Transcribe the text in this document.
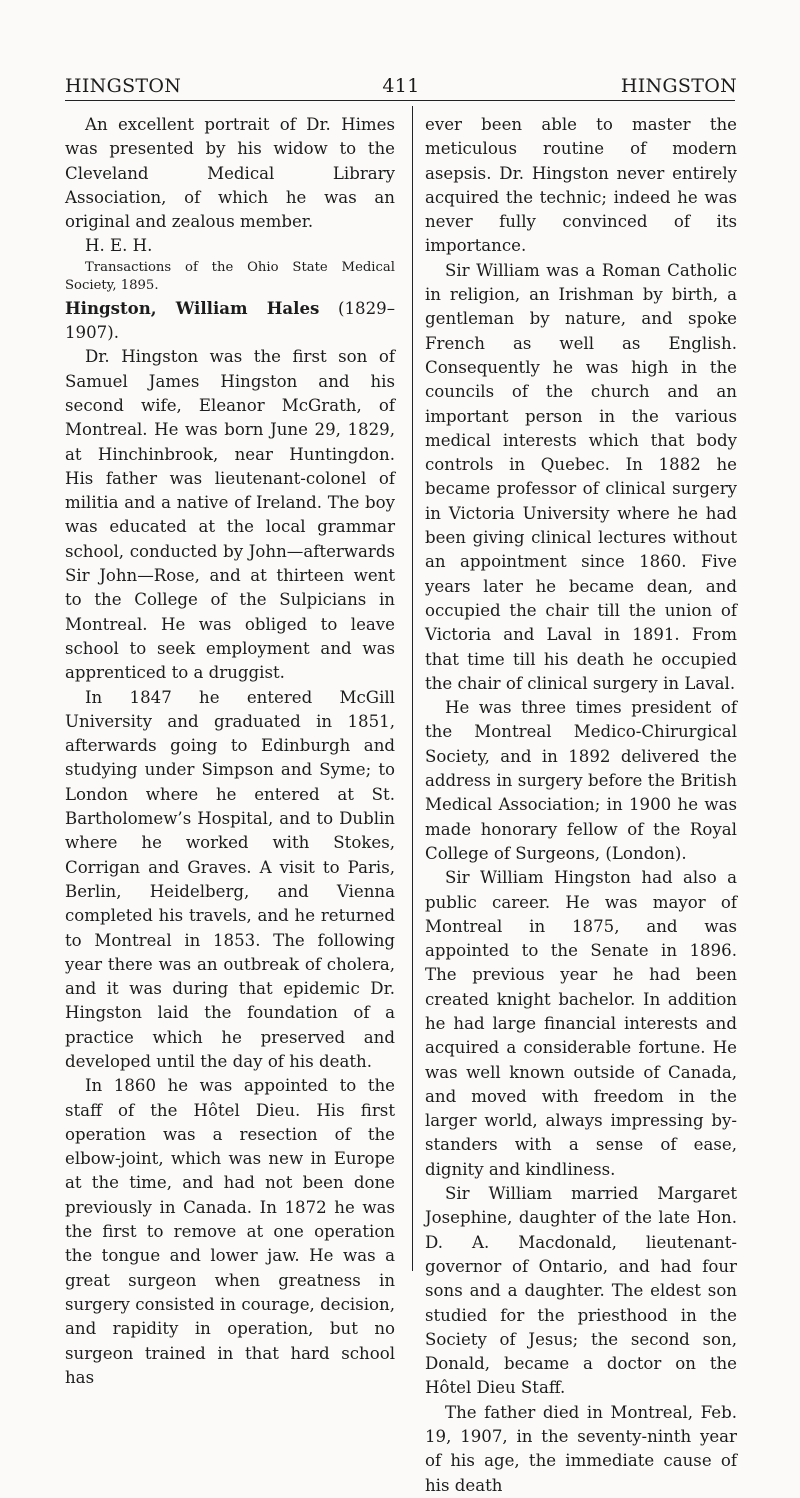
HINGSTON	411	HINGSTON

An excellent portrait of Dr. Himes was presented by his widow to the Cleveland Medical Library Association, of which he was an original and zealous member.

H. E. H.

Transactions of the Ohio State Medical Society, 1895.

Hingston, William Hales (1829–1907).

Dr. Hingston was the first son of Samuel James Hingston and his second wife, Eleanor McGrath, of Montreal. He was born June 29, 1829, at Hinchinbrook, near Huntingdon. His father was lieutenant-colonel of militia and a native of Ireland. The boy was educated at the local grammar school, conducted by John—afterwards Sir John—Rose, and at thirteen went to the College of the Sulpicians in Montreal. He was obliged to leave school to seek employment and was apprenticed to a druggist.

In 1847 he entered McGill University and graduated in 1851, afterwards going to Edinburgh and studying under Simpson and Syme; to London where he entered at St. Bartholomew’s Hospital, and to Dublin where he worked with Stokes, Corrigan and Graves. A visit to Paris, Berlin, Heidelberg, and Vienna completed his travels, and he returned to Montreal in 1853. The following year there was an outbreak of cholera, and it was during that epidemic Dr. Hingston laid the foundation of a practice which he preserved and developed until the day of his death.

In 1860 he was appointed to the staff of the Hôtel Dieu. His first operation was a resection of the elbow-joint, which was new in Europe at the time, and had not been done previously in Canada. In 1872 he was the first to remove at one operation the tongue and lower jaw. He was a great surgeon when greatness in surgery consisted in courage, decision, and rapidity in operation, but no surgeon trained in that hard school has

ever been able to master the meticulous routine of modern asepsis. Dr. Hingston never entirely acquired the technic; indeed he was never fully convinced of its importance.

Sir William was a Roman Catholic in religion, an Irishman by birth, a gentleman by nature, and spoke French as well as English. Consequently he was high in the councils of the church and an important person in the various medical interests which that body controls in Quebec. In 1882 he became professor of clinical surgery in Victoria University where he had been giving clinical lectures without an appointment since 1860. Five years later he became dean, and occupied the chair till the union of Victoria and Laval in 1891. From that time till his death he occupied the chair of clinical surgery in Laval.

He was three times president of the Montreal Medico-Chirurgical Society, and in 1892 delivered the address in surgery before the British Medical Association; in 1900 he was made honorary fellow of the Royal College of Surgeons, (London).

Sir William Hingston had also a public career. He was mayor of Montreal in 1875, and was appointed to the Senate in 1896. The previous year he had been created knight bachelor. In addition he had large financial interests and acquired a considerable fortune. He was well known outside of Canada, and moved with freedom in the larger world, always impressing by-standers with a sense of ease, dignity and kindliness.

Sir William married Margaret Josephine, daughter of the late Hon. D. A. Macdonald, lieutenant-governor of Ontario, and had four sons and a daughter. The eldest son studied for the priesthood in the Society of Jesus; the second son, Donald, became a doctor on the Hôtel Dieu Staff.

The father died in Montreal, Feb. 19, 1907, in the seventy-ninth year of his age, the immediate cause of his death
